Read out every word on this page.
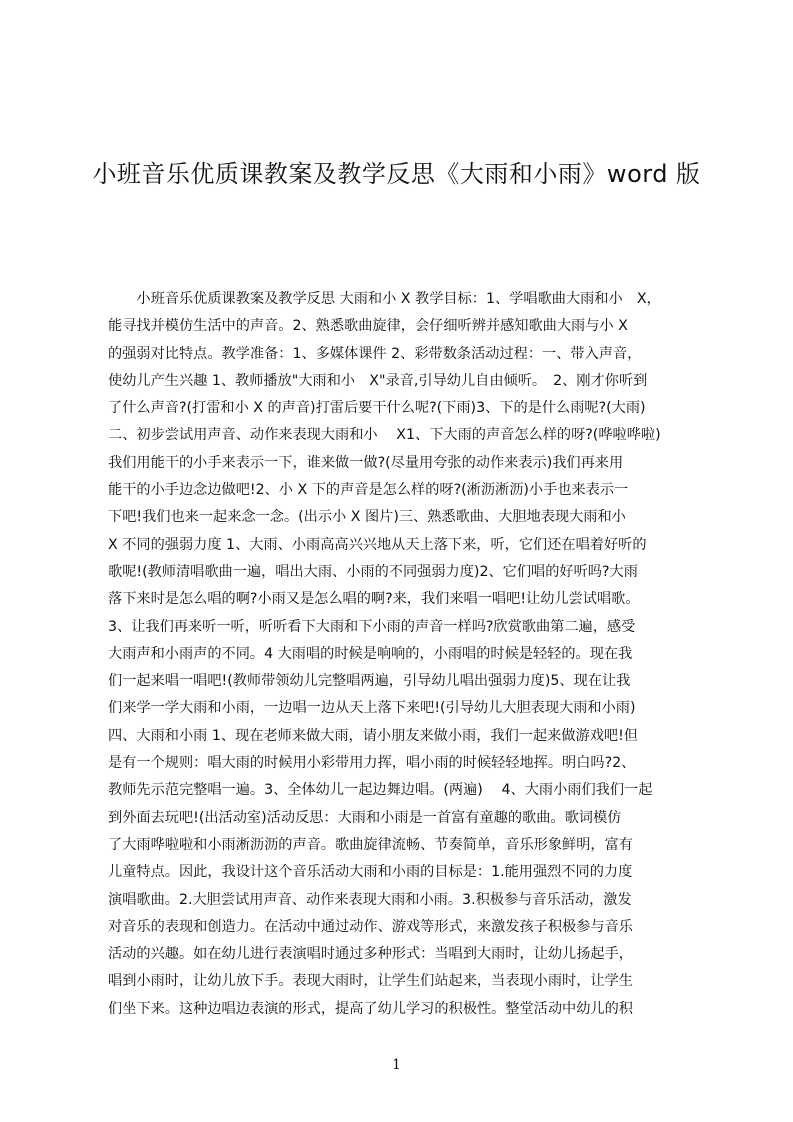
小班音乐优质课教案及教学反思《大雨和小雨》word 版
　　小班音乐优质课教案及教学反思 大雨和小 X 教学目标：1、学唱歌曲大雨和小　X，
能寻找并模仿生活中的声音。2、熟悉歌曲旋律，会仔细听辨并感知歌曲大雨与小 X
的强弱对比特点。教学准备：1、多媒体课件 2、彩带数条活动过程：一、带入声音，
使幼儿产生兴趣 1、教师播放"大雨和小　X"录音,引导幼儿自由倾听。　2、刚才你听到
了什么声音?(打雷和小 X 的声音)打雷后要干什么呢?(下雨)3、下的是什么雨呢?(大雨)
二、初步尝试用声音、动作来表现大雨和小　 X1、下大雨的声音怎么样的呀?(哗啦哗啦)
我们用能干的小手来表示一下，谁来做一做?(尽量用夸张的动作来表示)我们再来用
能干的小手边念边做吧!2、小 X 下的声音是怎么样的呀?(淅沥淅沥)小手也来表示一
下吧!我们也来一起来念一念。(出示小 X 图片)三、熟悉歌曲、大胆地表现大雨和小
X 不同的强弱力度 1、大雨、小雨高高兴兴地从天上落下来，听，它们还在唱着好听的
歌呢!(教师清唱歌曲一遍，唱出大雨、小雨的不同强弱力度)2、它们唱的好听吗?大雨
落下来时是怎么唱的啊?小雨又是怎么唱的啊?来，我们来唱一唱吧!让幼儿尝试唱歌。
3、让我们再来听一听，听听看下大雨和下小雨的声音一样吗?欣赏歌曲第二遍，感受
大雨声和小雨声的不同。4 大雨唱的时候是响响的，小雨唱的时候是轻轻的。现在我
们一起来唱一唱吧!(教师带领幼儿完整唱两遍，引导幼儿唱出强弱力度)5、现在让我
们来学一学大雨和小雨，一边唱一边从天上落下来吧!(引导幼儿大胆表现大雨和小雨)
四、大雨和小雨 1、现在老师来做大雨，请小朋友来做小雨，我们一起来做游戏吧!但
是有一个规则：唱大雨的时候用小彩带用力挥，唱小雨的时候轻轻地挥。明白吗?2、
教师先示范完整唱一遍。3、全体幼儿一起边舞边唱。(两遍)　 4、大雨小雨们我们一起
到外面去玩吧!(出活动室)活动反思：大雨和小雨是一首富有童趣的歌曲。歌词模仿
了大雨哗啦啦和小雨淅沥沥的声音。歌曲旋律流畅、节奏简单，音乐形象鲜明，富有
儿童特点。因此，我设计这个音乐活动大雨和小雨的目标是：1.能用强烈不同的力度
演唱歌曲。2.大胆尝试用声音、动作来表现大雨和小雨。3.积极参与音乐活动，激发
对音乐的表现和创造力。在活动中通过动作、游戏等形式，来激发孩子积极参与音乐
活动的兴趣。如在幼儿进行表演唱时通过多种形式：当唱到大雨时，让幼儿扬起手，
唱到小雨时，让幼儿放下手。表现大雨时，让学生们站起来，当表现小雨时，让学生
们坐下来。这种边唱边表演的形式，提高了幼儿学习的积极性。整堂活动中幼儿的积
1
